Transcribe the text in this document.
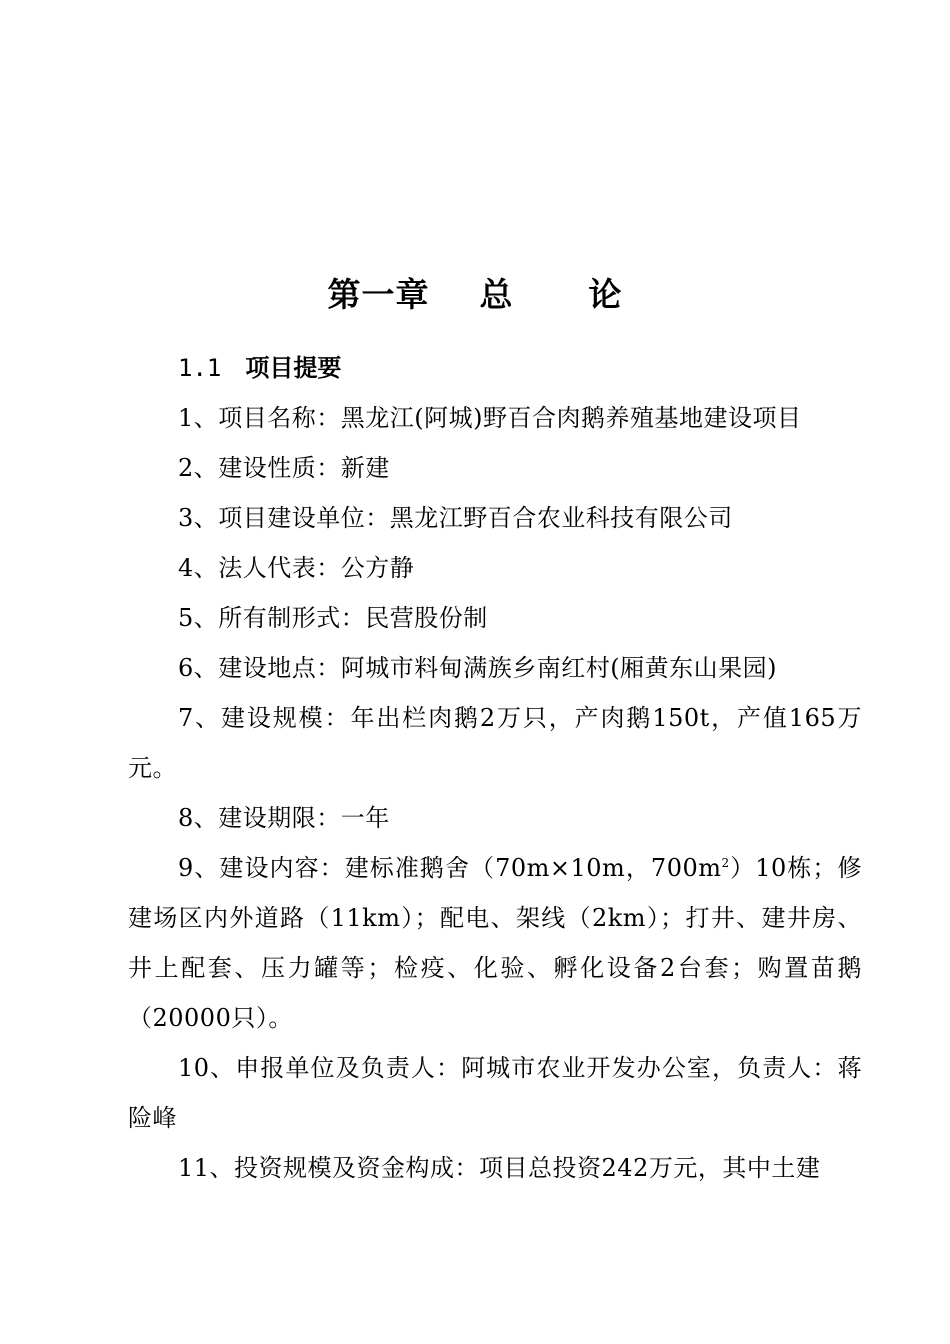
第一章    总      论
1.1 项目提要

1、项目名称：黑龙江(阿城)野百合肉鹅养殖基地建设项目

2、建设性质：新建

3、项目建设单位：黑龙江野百合农业科技有限公司

4、法人代表：公方静

5、所有制形式：民营股份制

6、建设地点：阿城市料甸满族乡南红村(厢黄东山果园)

7、建设规模：年出栏肉鹅2万只，产肉鹅150t，产值165万元。

8、建设期限：一年

9、建设内容：建标准鹅舍（70m×10m，$700m^2)10$栋；修建场区内外道路（11km）；配电、架线（2km）；打井、建井房、井上配套、压力罐等；检疫、化验、孵化设备2台套；购置苗鹅（20000只）。

10、申报单位及负责人：阿城市农业开发办公室，负责人：蒋险峰

11、投资规模及资金构成：项目总投资242万元，其中土建
